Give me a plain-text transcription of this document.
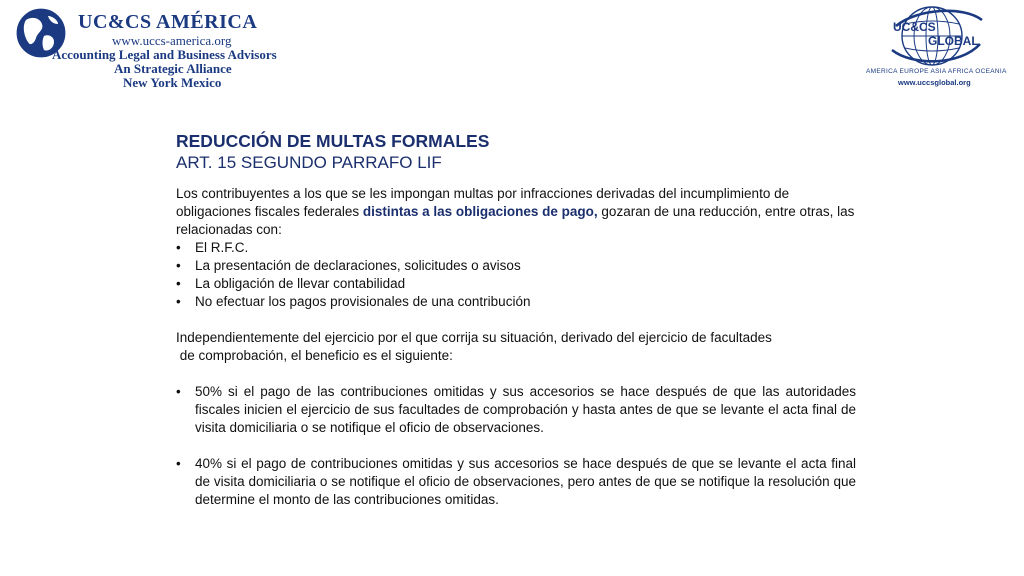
UC&CS AMÉRICA
www.uccs-america.org
Accounting Legal and Business Advisors
An Strategic Alliance
New York Mexico
UC&CS
GLOBAL
AMERICA EUROPE ASIA AFRICA OCEANIA
www.uccsglobal.org
REDUCCIÓN DE MULTAS FORMALES
ART. 15 SEGUNDO PARRAFO LIF

Los contribuyentes a los que se les impongan multas por infracciones derivadas del incumplimiento de obligaciones fiscales federales distintas a las obligaciones de pago, gozaran de una reducción, entre otras, las relacionadas con:

• El R.F.C.
• La presentación de declaraciones, solicitudes o avisos
• La obligación de llevar contabilidad
• No efectuar los pagos provisionales de una contribución
Independientemente del ejercicio por el que corrija su situación, derivado del ejercicio de facultades
de comprobación, el beneficio es el siguiente:
• 50% si el pago de las contribuciones omitidas y sus accesorios se hace después de que las autoridades fiscales inicien el ejercicio de sus facultades de comprobación y hasta antes de que se levante el acta final de visita domiciliaria o se notifique el oficio de observaciones.
• 40% si el pago de contribuciones omitidas y sus accesorios se hace después de que se levante el acta final de visita domiciliaria o se notifique el oficio de observaciones, pero antes de que se notifique la resolución que determine el monto de las contribuciones omitidas.
